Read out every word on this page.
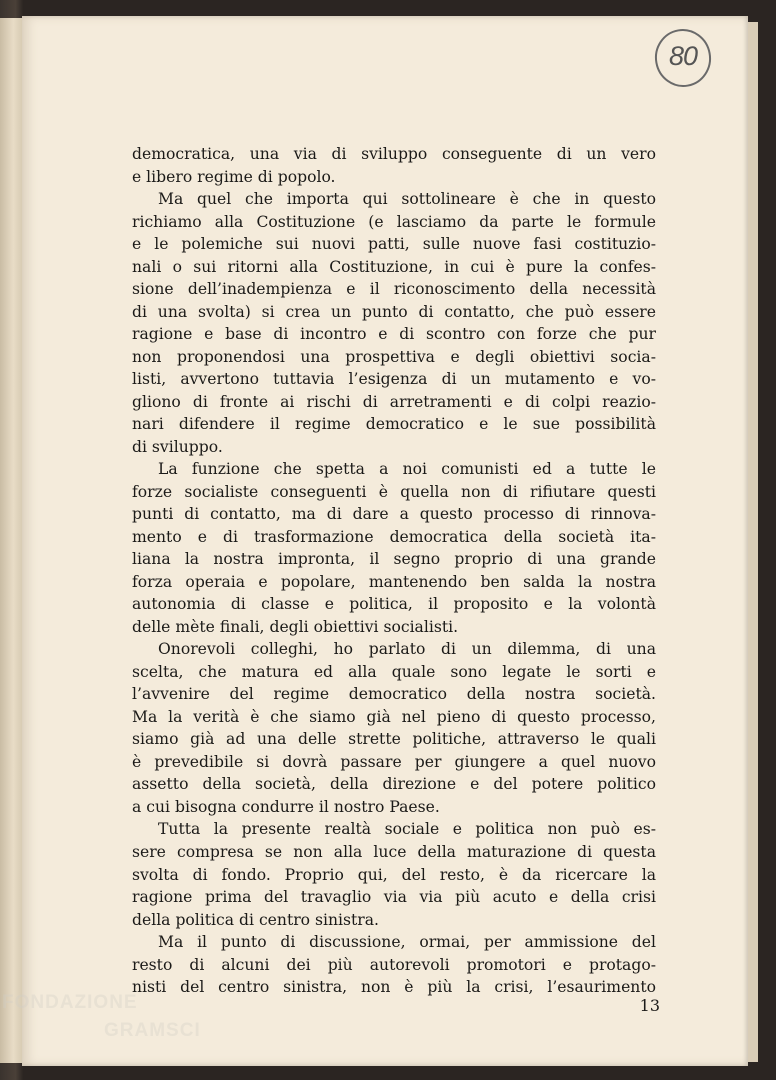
80
democratica, una via di sviluppo conseguente di un vero
e libero regime di popolo.
Ma quel che importa qui sottolineare è che in questo
richiamo alla Costituzione (e lasciamo da parte le formule
e le polemiche sui nuovi patti, sulle nuove fasi costituzio-
nali o sui ritorni alla Costituzione, in cui è pure la confes-
sione dell’inadempienza e il riconoscimento della necessità
di una svolta) si crea un punto di contatto, che può essere
ragione e base di incontro e di scontro con forze che pur
non proponendosi una prospettiva e degli obiettivi socia-
listi, avvertono tuttavia l’esigenza di un mutamento e vo-
gliono di fronte ai rischi di arretramenti e di colpi reazio-
nari difendere il regime democratico e le sue possibilità
di sviluppo.
La funzione che spetta a noi comunisti ed a tutte le
forze socialiste conseguenti è quella non di rifiutare questi
punti di contatto, ma di dare a questo processo di rinnova-
mento e di trasformazione democratica della società ita-
liana la nostra impronta, il segno proprio di una grande
forza operaia e popolare, mantenendo ben salda la nostra
autonomia di classe e politica, il proposito e la volontà
delle mète finali, degli obiettivi socialisti.
Onorevoli colleghi, ho parlato di un dilemma, di una
scelta, che matura ed alla quale sono legate le sorti e
l’avvenire del regime democratico della nostra società.
Ma la verità è che siamo già nel pieno di questo processo,
siamo già ad una delle strette politiche, attraverso le quali
è prevedibile si dovrà passare per giungere a quel nuovo
assetto della società, della direzione e del potere politico
a cui bisogna condurre il nostro Paese.
Tutta la presente realtà sociale e politica non può es-
sere compresa se non alla luce della maturazione di questa
svolta di fondo. Proprio qui, del resto, è da ricercare la
ragione prima del travaglio via via più acuto e della crisi
della politica di centro sinistra.
Ma il punto di discussione, ormai, per ammissione del
resto di alcuni dei più autorevoli promotori e protago-
nisti del centro sinistra, non è più la crisi, l’esaurimento
13
FONDAZIONE
GRAMSCI
